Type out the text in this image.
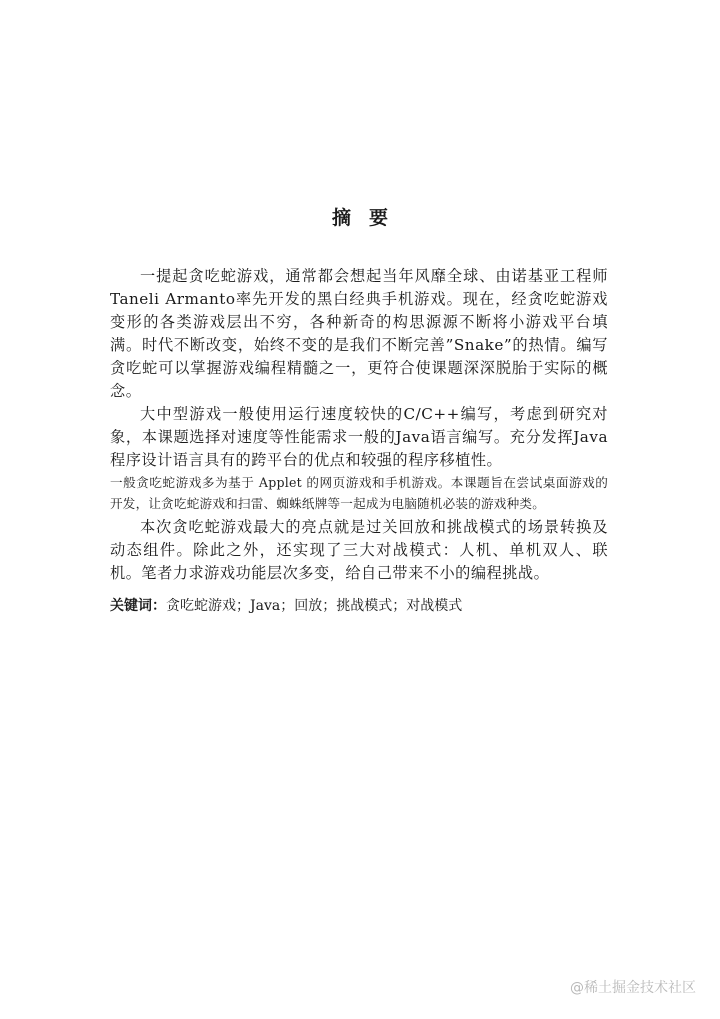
摘要

一提起贪吃蛇游戏，通常都会想起当年风靡全球、由诺基亚工程师Taneli Armanto率先开发的黑白经典手机游戏。现在，经贪吃蛇游戏变形的各类游戏层出不穷，各种新奇的构思源源不断将小游戏平台填满。时代不断改变，始终不变的是我们不断完善”Snake”的热情。编写贪吃蛇可以掌握游戏编程精髓之一，更符合使课题深深脱胎于实际的概念。

大中型游戏一般使用运行速度较快的C/C++编写，考虑到研究对象，本课题选择对速度等性能需求一般的Java语言编写。充分发挥Java程序设计语言具有的跨平台的优点和较强的程序移植性。

一般贪吃蛇游戏多为基于 Applet 的网页游戏和手机游戏。本课题旨在尝试桌面游戏的开发，让贪吃蛇游戏和扫雷、蜘蛛纸牌等一起成为电脑随机必装的游戏种类。

本次贪吃蛇游戏最大的亮点就是过关回放和挑战模式的场景转换及动态组件。除此之外，还实现了三大对战模式：人机、单机双人、联机。笔者力求游戏功能层次多变，给自己带来不小的编程挑战。

关键词：贪吃蛇游戏；Java；回放；挑战模式；对战模式
@稀土掘金技术社区
